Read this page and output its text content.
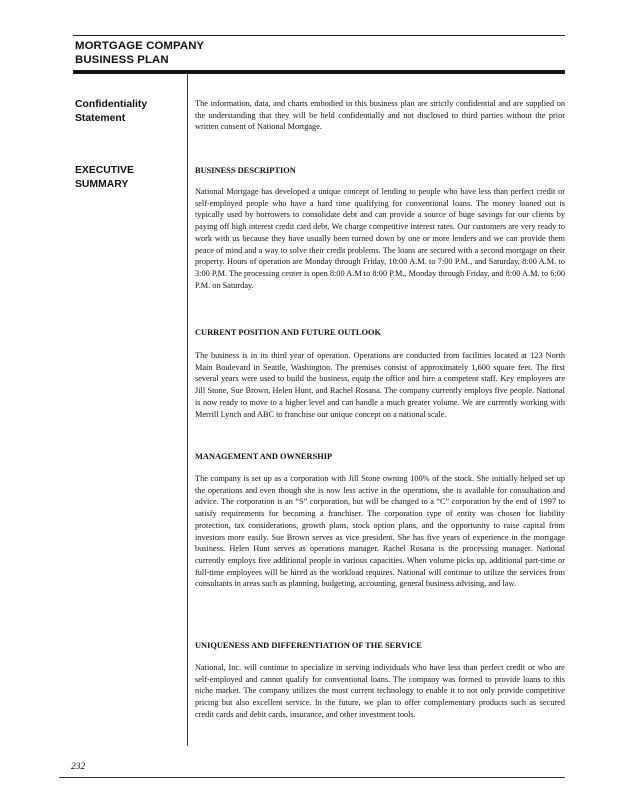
MORTGAGE COMPANY
BUSINESS PLAN
Confidentiality
Statement

The information, data, and charts embodied in this business plan are strictly confidential and are supplied on the understanding that they will be held confidentially and not disclosed to third parties without the prior written consent of National Mortgage.

EXECUTIVE
SUMMARY
BUSINESS DESCRIPTION

National Mortgage has developed a unique concept of lending to people who have less than perfect credit or self-employed people who have a hard time qualifying for conventional loans. The money loaned out is typically used by borrowers to consolidate debt and can provide a source of huge savings for our clients by paying off high interest credit card debt. We charge competitive interest rates. Our customers are very ready to work with us because they have usually been turned down by one or more lenders and we can provide them peace of mind and a way to solve their credit problems. The loans are secured with a second mortgage on their property. Hours of operation are Monday through Friday, 10:00 A.M. to 7:00 P.M., and Saturday, 8:00 A.M. to 3:00 P.M. The processing center is open 8:00 A.M to 8:00 P.M., Monday through Friday, and 8:00 A.M. to 6:00 P.M. on Saturday.

CURRENT POSITION AND FUTURE OUTLOOK

The business is in its third year of operation. Operations are conducted from facilities located at 123 North Main Boulevard in Seattle, Washington. The premises consist of approximately 1,600 square feet. The first several years were used to build the business, equip the office and hire a competent staff. Key employees are Jill Stone, Sue Brown, Helen Hunt, and Rachel Rosana. The company currently employs five people. National is now ready to move to a higher level and can handle a much greater volume. We are currently working with Merrill Lynch and ABC to franchise our unique concept on a national scale.

MANAGEMENT AND OWNERSHIP

The company is set up as a corporation with Jill Stone owning 100% of the stock. She initially helped set up the operations and even though she is now less active in the operations, she is available for consultation and advice. The corporation is an “S” corporation, but will be changed to a “C” corporation by the end of 1997 to satisfy requirements for becoming a franchiser. The corporation type of entity was chosen for liability protection, tax considerations, growth plans, stock option plans, and the opportunity to raise capital from investors more easily. Sue Brown serves as vice president. She has five years of experience in the mortgage business. Helen Hunt serves as operations manager. Rachel Rosana is the processing manager. National currently employs five additional people in various capacities. When volume picks up, additional part-time or full-time employees will be hired as the workload requires. National will continue to utilize the services from consultants in areas such as planning, budgeting, accounting, general business advising, and law.

UNIQUENESS AND DIFFERENTIATION OF THE SERVICE

National, Inc. will continue to specialize in serving individuals who have less than perfect credit or who are self-employed and cannot qualify for conventional loans. The company was formed to provide loans to this niche market. The company utilizes the most current technology to enable it to not only provide competitive pricing but also excellent service. In the future, we plan to offer complementary products such as secured credit cards and debit cards, insurance, and other investment tools.

232
